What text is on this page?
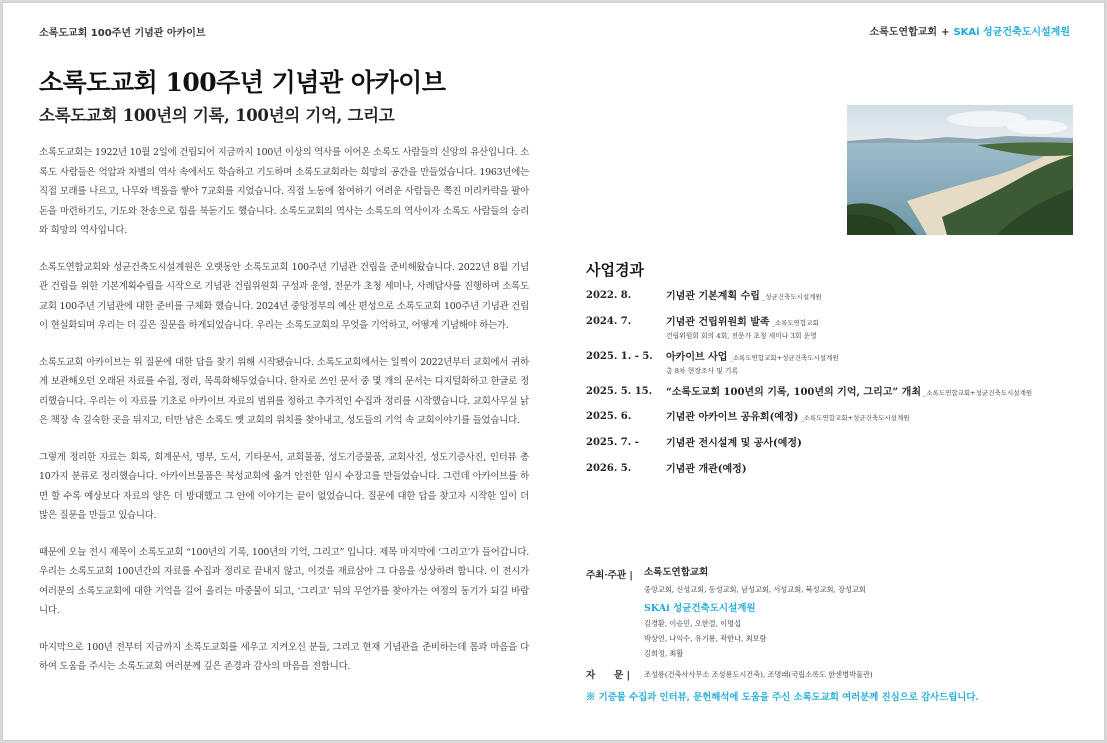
소록도교회 100주년 기념관 아카이브	소록도연합교회 + SKAi 성균건축도시설계원
소록도교회 100주년 기념관 아카이브
소록도교회 100년의 기록, 100년의 기억, 그리고

소록도교회는 1922년 10월 2일에 건립되어 지금까지 100년 이상의 역사를 이어온 소록도 사람들의 신앙의 유산입니다. 소록도 사람들은 억압과 차별의 역사 속에서도 학습하고 기도하며 소록도교회라는 희망의 공간을 만들었습니다. 1963년에는 직접 모래를 나르고, 나무와 벽돌을 쌓아 7교회를 지었습니다. 직접 노동에 참여하기 어려운 사람들은 쪽진 머리카락을 팔아 돈을 마련하기도, 기도와 찬송으로 힘을 북돋기도 했습니다. 소록도교회의 역사는 소록도의 역사이자 소록도 사람들의 승리와 희망의 역사입니다.

소록도연합교회와 성균건축도시설계원은 오랫동안 소록도교회 100주년 기념관 건립을 준비해왔습니다. 2022년 8월 기념관 건립을 위한 기본계획수립을 시작으로 기념관 건립위원회 구성과 운영, 전문가 초청 세미나, 사례답사를 진행하며 소록도교회 100주년 기념관에 대한 준비를 구체화 했습니다. 2024년 중앙정부의 예산 편성으로 소록도교회 100주년 기념관 건립이 현실화되며 우리는 더 깊은 질문을 하게되었습니다. 우리는 소록도교회의 무엇을 기억하고, 어떻게 기념해야 하는가.

소록도교회 아카이브는 위 질문에 대한 답을 찾기 위해 시작됐습니다. 소록도교회에서는 일찍이 2022년부터 교회에서 귀하게 보관해오던 오래된 자료를 수집, 정리, 목록화해두었습니다. 한자로 쓰인 문서 중 몇 개의 문서는 디지털화하고 한글로 정리했습니다. 우리는 이 자료를 기초로 아카이브 자료의 범위를 정하고 추가적인 수집과 정리를 시작했습니다. 교회사무실 낡은 책장 속 깊숙한 곳을 뒤지고, 터만 남은 소록도 옛 교회의 위치를 찾아내고, 성도들의 기억 속 교회이야기를 들었습니다.

그렇게 정리한 자료는 회록, 회계문서, 명부, 도서, 기타문서, 교회물품, 성도기증물품, 교회사진, 성도기증사진, 인터뷰 총 10가지 분류로 정리했습니다. 아카이브물품은 북성교회에 옮겨 안전한 임시 수장고를 만들었습니다. 그런데 아카이브를 하면 할 수록 예상보다 자료의 양은 더 방대했고 그 안에 이야기는 끝이 없었습니다. 질문에 대한 답을 찾고자 시작한 일이 더 많은 질문을 만들고 있습니다.

때문에 오늘 전시 제목이 소록도교회 “100년의 기록, 100년의 기억, 그리고” 입니다. 제목 마지막에 ‘그리고’가 들어갑니다. 우리는 소록도교회 100년간의 자료를 수집과 정리로 끝내지 않고, 이것을 재료삼아 그 다음을 상상하려 합니다. 이 전시가 여러분의 소록도교회에 대한 기억을 길어 올리는 마중물이 되고, ‘그리고’ 뒤의 무언가를 찾아가는 여정의 동기가 되길 바랍니다.

마지막으로 100년 전부터 지금까지 소록도교회를 세우고 지켜오신 분들, 그리고 현재 기념관을 준비하는데 몸과 마음을 다하여 도움을 주시는 소록도교회 여러분께 깊은 존경과 감사의 마음을 전합니다.

사업경과
2022. 8.	기념관 기본계획 수립 _성균건축도시설계원
2024. 7.	기념관 건립위원회 발족 _소록도연합교회
건립위원회 회의 4회, 전문가 초청 세미나 3회 운영
2025. 1. - 5. 아카이브 사업 _소록도연합교회+성균건축도시설계원
총 8차 현장조사 및 기록
2025. 5. 15. “소록도교회 100년의 기록, 100년의 기억, 그리고” 개최 _소록도연합교회+성균건축도시설계원
2025. 6.	기념관 아카이브 공유회(예정) _소록도연합교회+성균건축도시설계원
2025. 7. -	기념관 전시설계 및 공사(예정)
2026. 5.	기념관 개관(예정)
주최·주관 | 소록도연합교회
중앙교회, 신성교회, 동성교회, 남성교회, 서성교회, 북성교회, 장성교회
SKAi 성균건축도시설계원
김경환, 이승민, 오한결, 이명섭
박상언, 나익수, 유기룡, 곽한나, 최보람
김희정, 최활
자　　문 | 조성룡(건축사사무소 조성룡도시건축), 조명래(국립소록도 한센병박물관)
※ 기증물 수집과 인터뷰, 문헌해석에 도움을 주신 소록도교회 여러분께 진심으로 감사드립니다.
